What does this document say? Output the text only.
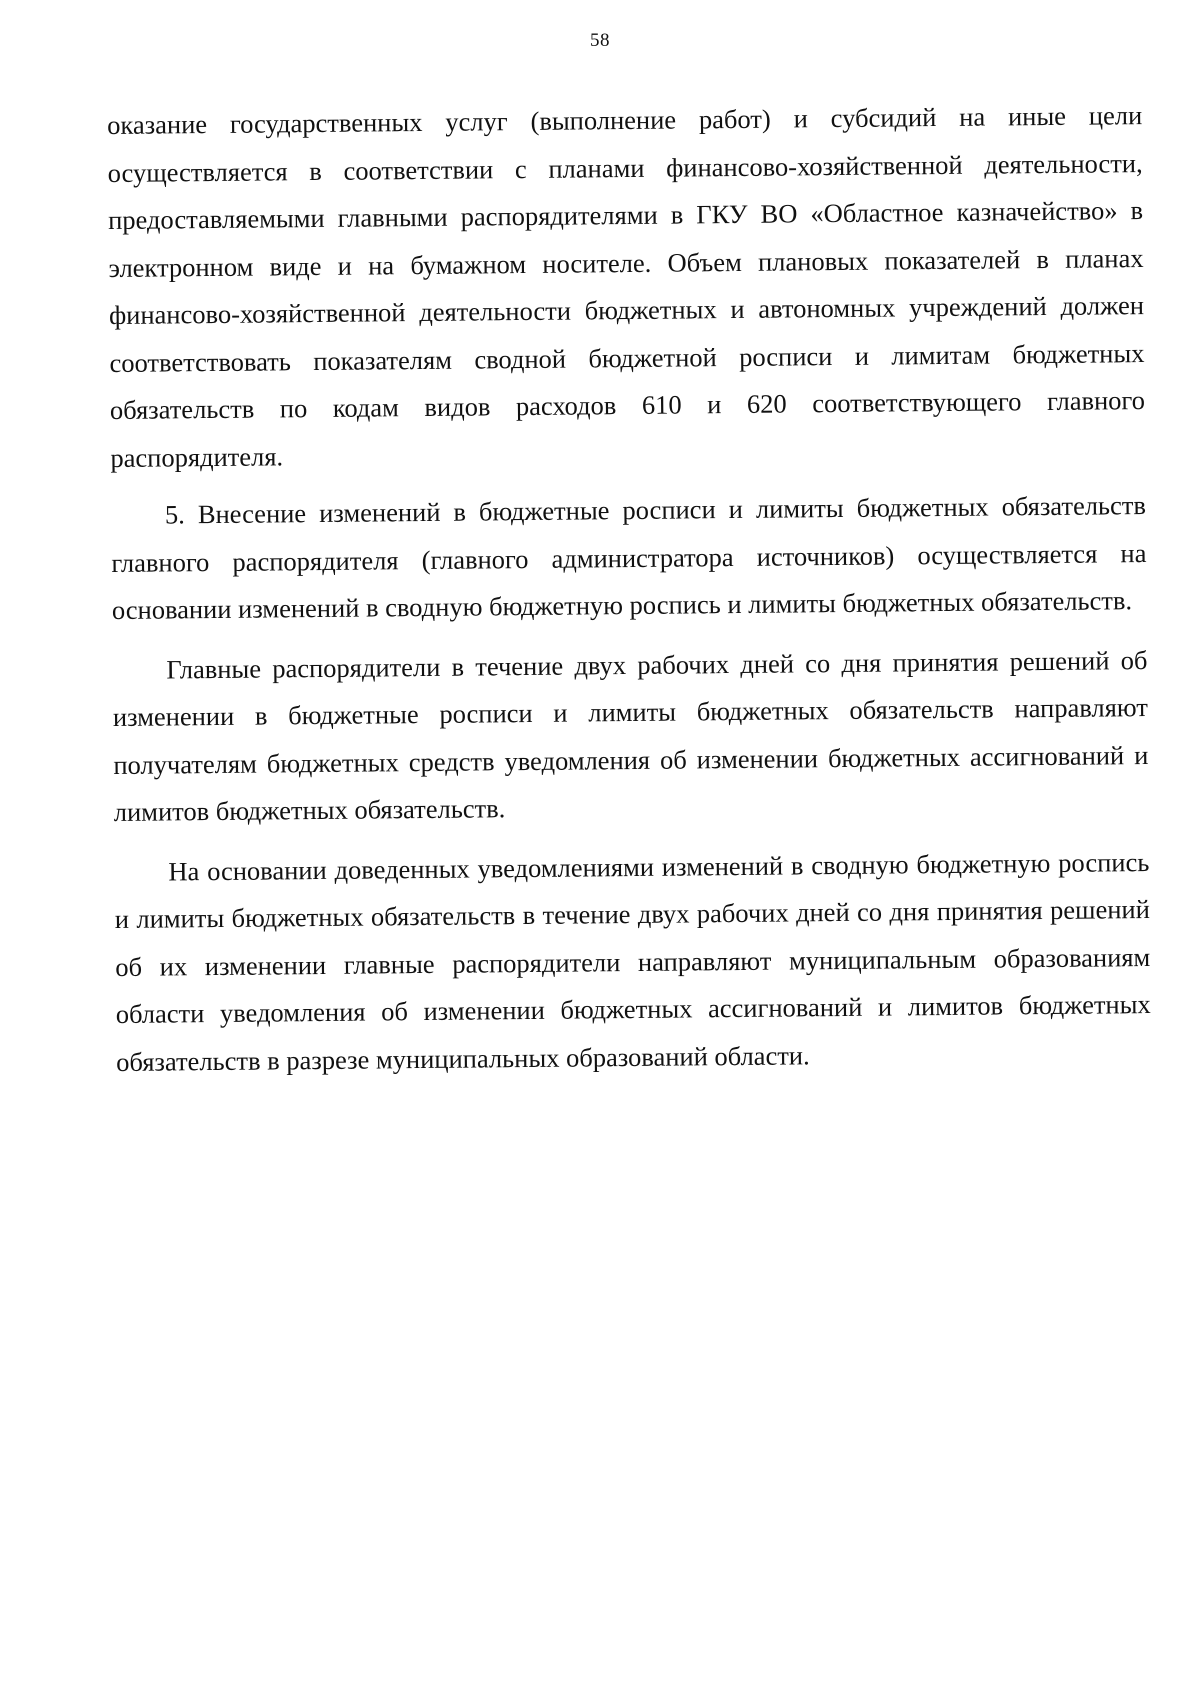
58

оказание государственных услуг (выполнение работ) и субсидий на иные цели осуществляется в соответствии с планами финансово-хозяйственной деятельности, предоставляемыми главными распорядителями в ГКУ ВО «Областное казначейство» в электронном виде и на бумажном носителе. Объем плановых показателей в планах финансово-хозяйственной деятельности бюджетных и автономных учреждений должен соответствовать показателям сводной бюджетной росписи и лимитам бюджетных обязательств по кодам видов расходов 610 и 620 соответствующего главного распорядителя.

5. Внесение изменений в бюджетные росписи и лимиты бюджетных обязательств главного распорядителя (главного администратора источников) осуществляется на основании изменений в сводную бюджетную роспись и лимиты бюджетных обязательств.

Главные распорядители в течение двух рабочих дней со дня принятия решений об изменении в бюджетные росписи и лимиты бюджетных обязательств направляют получателям бюджетных средств уведомления об изменении бюджетных ассигнований и лимитов бюджетных обязательств.

На основании доведенных уведомлениями изменений в сводную бюджетную роспись и лимиты бюджетных обязательств в течение двух рабочих дней со дня принятия решений об их изменении главные распорядители направляют муниципальным образованиям области уведомления об изменении бюджетных ассигнований и лимитов бюджетных обязательств в разрезе муниципальных образований области.
